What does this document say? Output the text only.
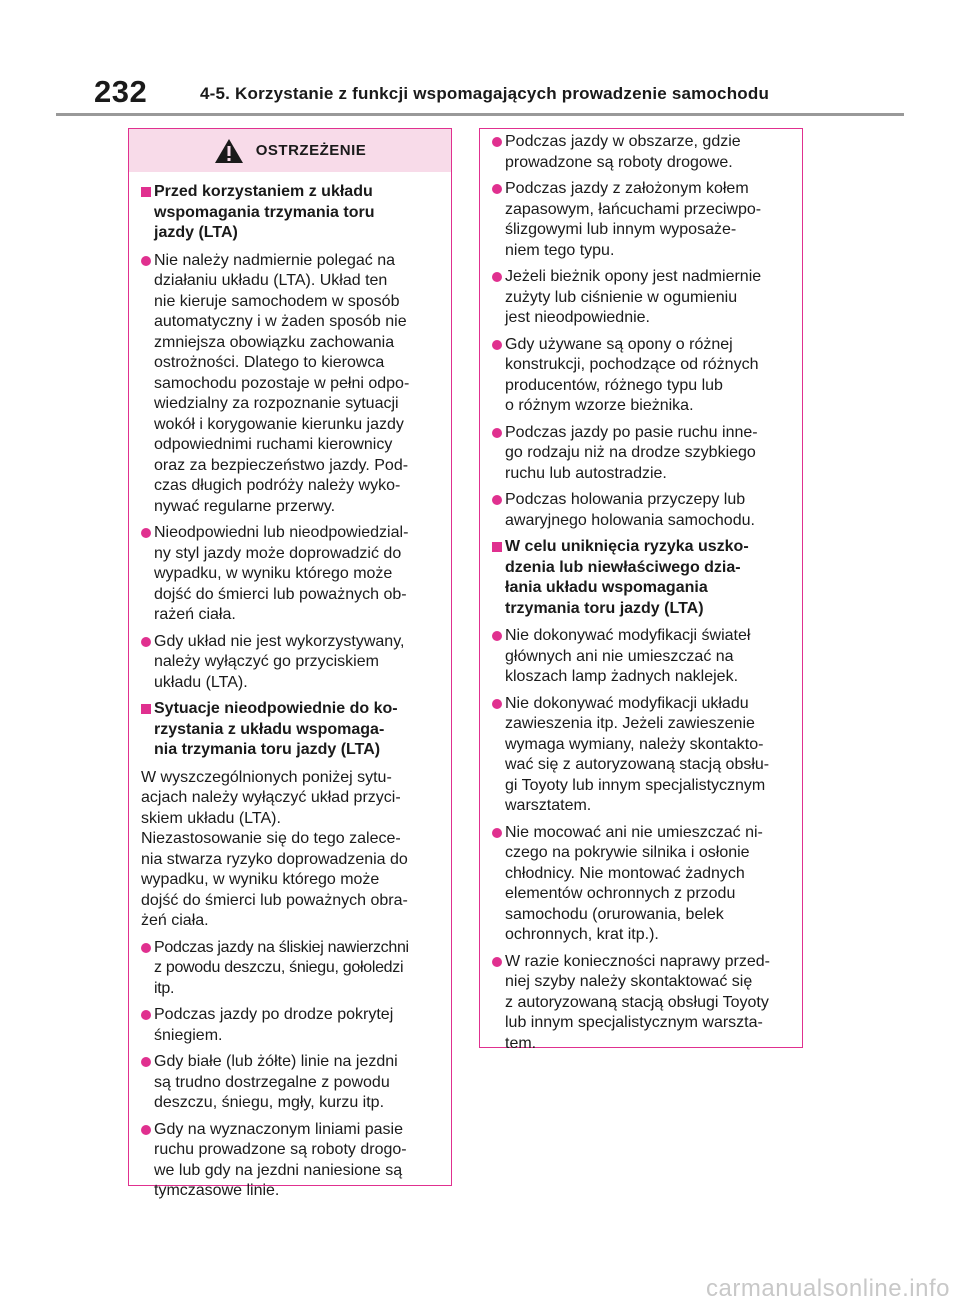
232	4-5. Korzystanie z funkcji wspomagających prowadzenie samochodu
OSTRZEŻENIE
Przed korzystaniem z układu
wspomagania trzymania toru
jazdy (LTA)
Nie należy nadmiernie polegać na
działaniu układu (LTA). Układ ten
nie kieruje samochodem w sposób
automatyczny i w żaden sposób nie
zmniejsza obowiązku zachowania
ostrożności. Dlatego to kierowca
samochodu pozostaje w pełni odpo-
wiedzialny za rozpoznanie sytuacji
wokół i korygowanie kierunku jazdy
odpowiednimi ruchami kierownicy
oraz za bezpieczeństwo jazdy. Pod-
czas długich podróży należy wyko-
nywać regularne przerwy.
Nieodpowiedni lub nieodpowiedzial-
ny styl jazdy może doprowadzić do
wypadku, w wyniku którego może
dojść do śmierci lub poważnych ob-
rażeń ciała.
Gdy układ nie jest wykorzystywany,
należy wyłączyć go przyciskiem
układu (LTA).
Sytuacje nieodpowiednie do ko-
rzystania z układu wspomaga-
nia trzymania toru jazdy (LTA)
W wyszczególnionych poniżej sytu-
acjach należy wyłączyć układ przyci-
skiem układu (LTA).
Niezastosowanie się do tego zalece-
nia stwarza ryzyko doprowadzenia do
wypadku, w wyniku którego może
dojść do śmierci lub poważnych obra-
żeń ciała.
Podczas jazdy na śliskiej nawierzchni
z powodu deszczu, śniegu, gołoledzi
itp.
Podczas jazdy po drodze pokrytej
śniegiem.
Gdy białe (lub żółte) linie na jezdni
są trudno dostrzegalne z powodu
deszczu, śniegu, mgły, kurzu itp.
Gdy na wyznaczonym liniami pasie
ruchu prowadzone są roboty drogo-
we lub gdy na jezdni naniesione są
tymczasowe linie.
Podczas jazdy w obszarze, gdzie
prowadzone są roboty drogowe.
Podczas jazdy z założonym kołem
zapasowym, łańcuchami przeciwpo-
ślizgowymi lub innym wyposaże-
niem tego typu.
Jeżeli bieżnik opony jest nadmiernie
zużyty lub ciśnienie w ogumieniu
jest nieodpowiednie.
Gdy używane są opony o różnej
konstrukcji, pochodzące od różnych
producentów, różnego typu lub
o różnym wzorze bieżnika.
Podczas jazdy po pasie ruchu inne-
go rodzaju niż na drodze szybkiego
ruchu lub autostradzie.
Podczas holowania przyczepy lub
awaryjnego holowania samochodu.
W celu uniknięcia ryzyka uszko-
dzenia lub niewłaściwego dzia-
łania układu wspomagania
trzymania toru jazdy (LTA)
Nie dokonywać modyfikacji świateł
głównych ani nie umieszczać na
kloszach lamp żadnych naklejek.
Nie dokonywać modyfikacji układu
zawieszenia itp. Jeżeli zawieszenie
wymaga wymiany, należy skontakto-
wać się z autoryzowaną stacją obsłu-
gi Toyoty lub innym specjalistycznym
warsztatem.
Nie mocować ani nie umieszczać ni-
czego na pokrywie silnika i osłonie
chłodnicy. Nie montować żadnych
elementów ochronnych z przodu
samochodu (orurowania, belek
ochronnych, krat itp.).
W razie konieczności naprawy przed-
niej szyby należy skontaktować się
z autoryzowaną stacją obsługi Toyoty
lub innym specjalistycznym warszta-
tem.
carmanualsonline.info
